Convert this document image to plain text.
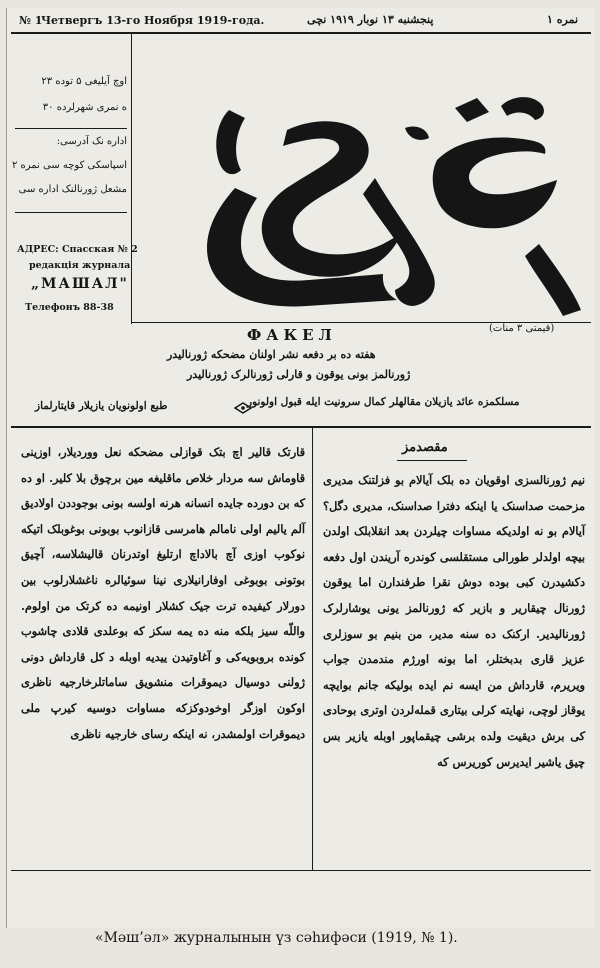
№ 1
Четвергъ 13-го Ноября 1919-года.	پنجشنبه ١٣ نوبار ١٩١٩ نچی	نمره ١
اوچ آیلیغی ۵ توده ٢٣
ه نمری شهرلرده ٣٠
اداره نک آدرسی:
اسپاسکی کوچه سی نمره ٢
مشعل ژورنالنک اداره سی
АДРЕС: Спасская № 2
редакція журнала
„МАШАЛ"
Телефонъ 88-38
ФАКЕЛ	(قیمتی ٣ منات)
هفته ده بر دفعه نشر اولنان مضحکه ژورنالیدر
ژورنالمز بونی یوقون و قارلی ژورنالرک ژورنالیدر
مسلکمزه عائد یازیلان مقالهلر کمال سرونیت ایله قبول اولونور
طبع اولونویان یازیلار قایتارلماز
مقصدمز
نیم ژورنالسزی اوقویان ده بلک آیالام بو فزلتنک مدیری مزحمت صداسنک یا اینکه دفترا صداسنک، مدیری دگل؟ آیالام بو نه اولدیکه مساوات چیلردن بعد انقلابلک اولدن بیچه اولدلر طورالی مستقلسی کوندره آریندن اول دفعه دکشیدرن کبی بوده دوش نقرا طرفندارن اما یوقون ژورنال چیقاریر و بازیر که ژورنالمز یونی یوشارلرک ژورنالیدیر. ارکنک ده سنه مدیر، من بنیم بو سوزلری عزیز قاری بدبختلر، اما بونه اورژم مندمدن جواب ویریرم، قارداش من ایسه نم ایده بولیکه جانم بوایچه یوقاز لوچی، نهایته کرلی بیتاری قملەلردن اوتری بوحادی کی برش دیقیت ولده برشی چیقماپور اوبله یازیر بس چیق یاشیر ایدیرس کوریرس که
قارتک قالیر اچ بتک قوازلی مضحکه نعل ووردیلار، اوزینی قاوماش سه مردار خلاص ماقلیغه مین برچوق بلا کلیر. او ده که بن دورده جایده انسانه هرنه اولسه بونی بوجوددن اولادیق آلم یالیم اولی نامالم هامرسی قازانوب بوبونی بوغوبلک اتیکه نوکوب اوزی آچ بالاداچ ارتلیغ اوتدرنان قالیشلاسه، آچیق بوتونی بوبوغی اوفارانیلاری نینا سوئیالره ناغشلارلوب بین دورلار کیفیده ترت جیک کشلار اونیمه ده کرتک من اولوم. واللّه سیز بلکه منه ده یمه سکز که بوعلدی قلادی چاشوب کونده بروبویه‌کی و آغاوتیدن ییدیه اوبله د کل قارداش دونی ژولنی دوسیال دیموقرات منشویق ساماتلرخارجیه ناظری اوکون اوزگر اوخودوکزکه مساوات دوسیه کیرپ ملی دیموقرات اولمشدر، نه اینکه رسای خارجیه ناظری
«Мәш’әл» журналынын үз сәһифәси (1919, № 1).
